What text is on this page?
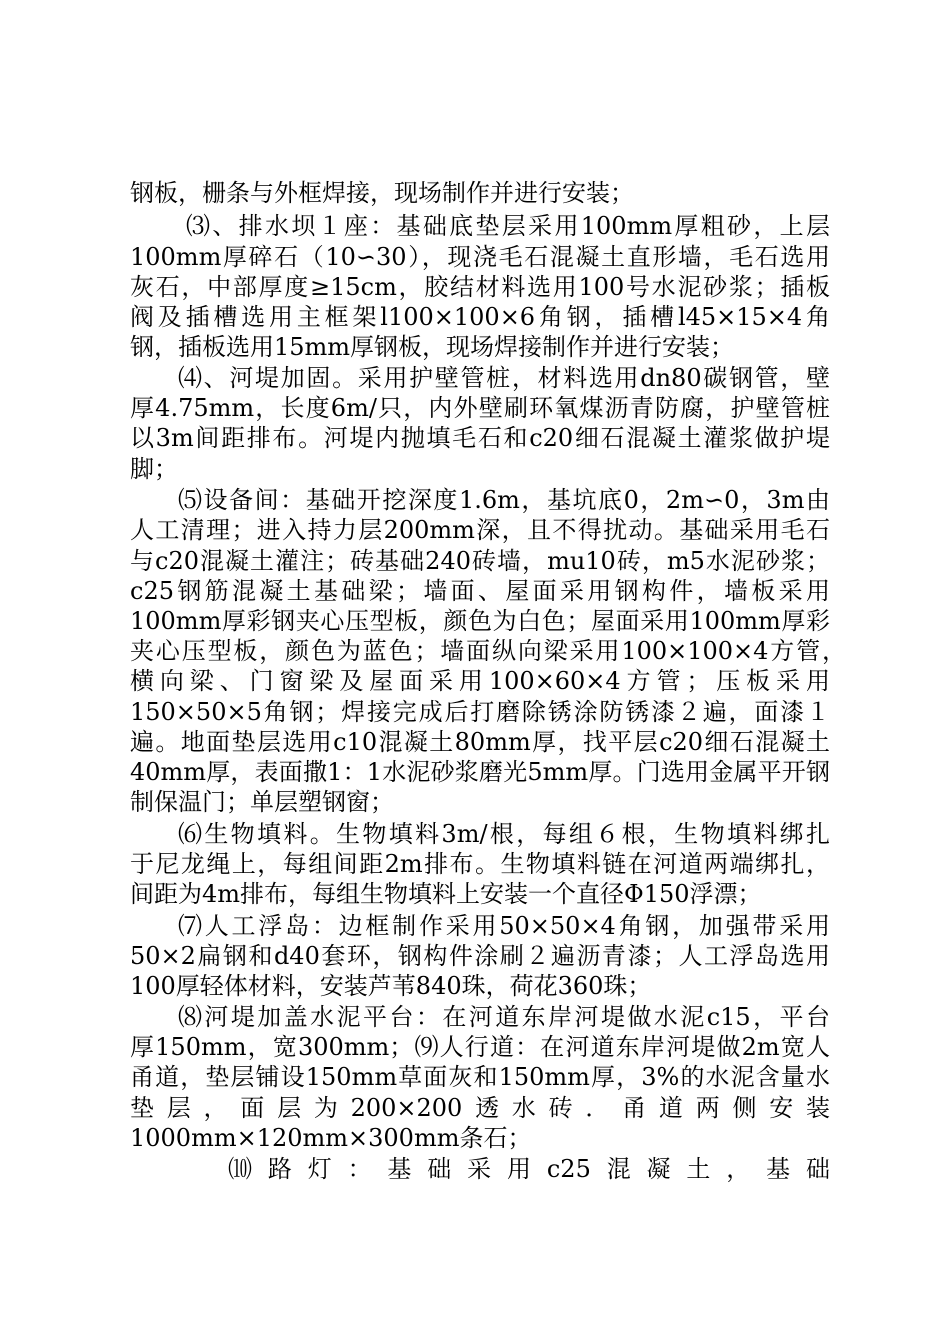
钢板，栅条与外框焊接，现场制作并进行安装；
⑶、排水坝１座：基础底垫层采用100mm厚粗砂，上层
100mm厚碎石（10∽30），现浇毛石混凝土直形墙，毛石选用
灰石，中部厚度≥15cm，胶结材料选用100号水泥砂浆；插板
阀及插槽选用主框架l100×100×6角钢，插槽l45×15×4角
钢，插板选用15mm厚钢板，现场焊接制作并进行安装；
⑷、河堤加固。采用护壁管桩，材料选用dn80碳钢管，壁
厚4.75mm，长度6m/只，内外壁刷环氧煤沥青防腐，护壁管桩
以3m间距排布。河堤内抛填毛石和c20细石混凝土灌浆做护堤
脚；
⑸设备间：基础开挖深度1.6m，基坑底0，2m∽0，3m由
人工清理；进入持力层200mm深，且不得扰动。基础采用毛石
与c20混凝土灌注；砖基础240砖墙，mu10砖，m5水泥砂浆；
c25钢筋混凝土基础梁；墙面、屋面采用钢构件，墙板采用
100mm厚彩钢夹心压型板，颜色为白色；屋面采用100mm厚彩
夹心压型板，颜色为蓝色；墙面纵向梁采用100×100×4方管，
横向梁、门窗梁及屋面采用100×60×4方管；压板采用
150×50×5角钢；焊接完成后打磨除锈涂防锈漆２遍，面漆１
遍。地面垫层选用c10混凝土80mm厚，找平层c20细石混凝土
40mm厚，表面撒1：1水泥砂浆磨光5mm厚。门选用金属平开钢
制保温门；单层塑钢窗；
⑹生物填料。生物填料3m/根，每组６根，生物填料绑扎
于尼龙绳上，每组间距2m排布。生物填料链在河道两端绑扎，
间距为4m排布，每组生物填料上安装一个直径Φ150浮漂；
⑺人工浮岛：边框制作采用50×50×4角钢，加强带采用
50×2扁钢和d40套环，钢构件涂刷２遍沥青漆；人工浮岛选用
100厚轻体材料，安装芦苇840珠，荷花360珠；
⑻河堤加盖水泥平台：在河道东岸河堤做水泥c15，平台
厚150mm，宽300mm；⑼人行道：在河道东岸河堤做2m宽人
甬道，垫层铺设150mm草面灰和150mm厚，3%的水泥含量水
垫层，面层为200×200透水砖．甬道两侧安装
1000mm×120mm×300mm条石；
⑽路灯：基础采用c25混凝土，基础
